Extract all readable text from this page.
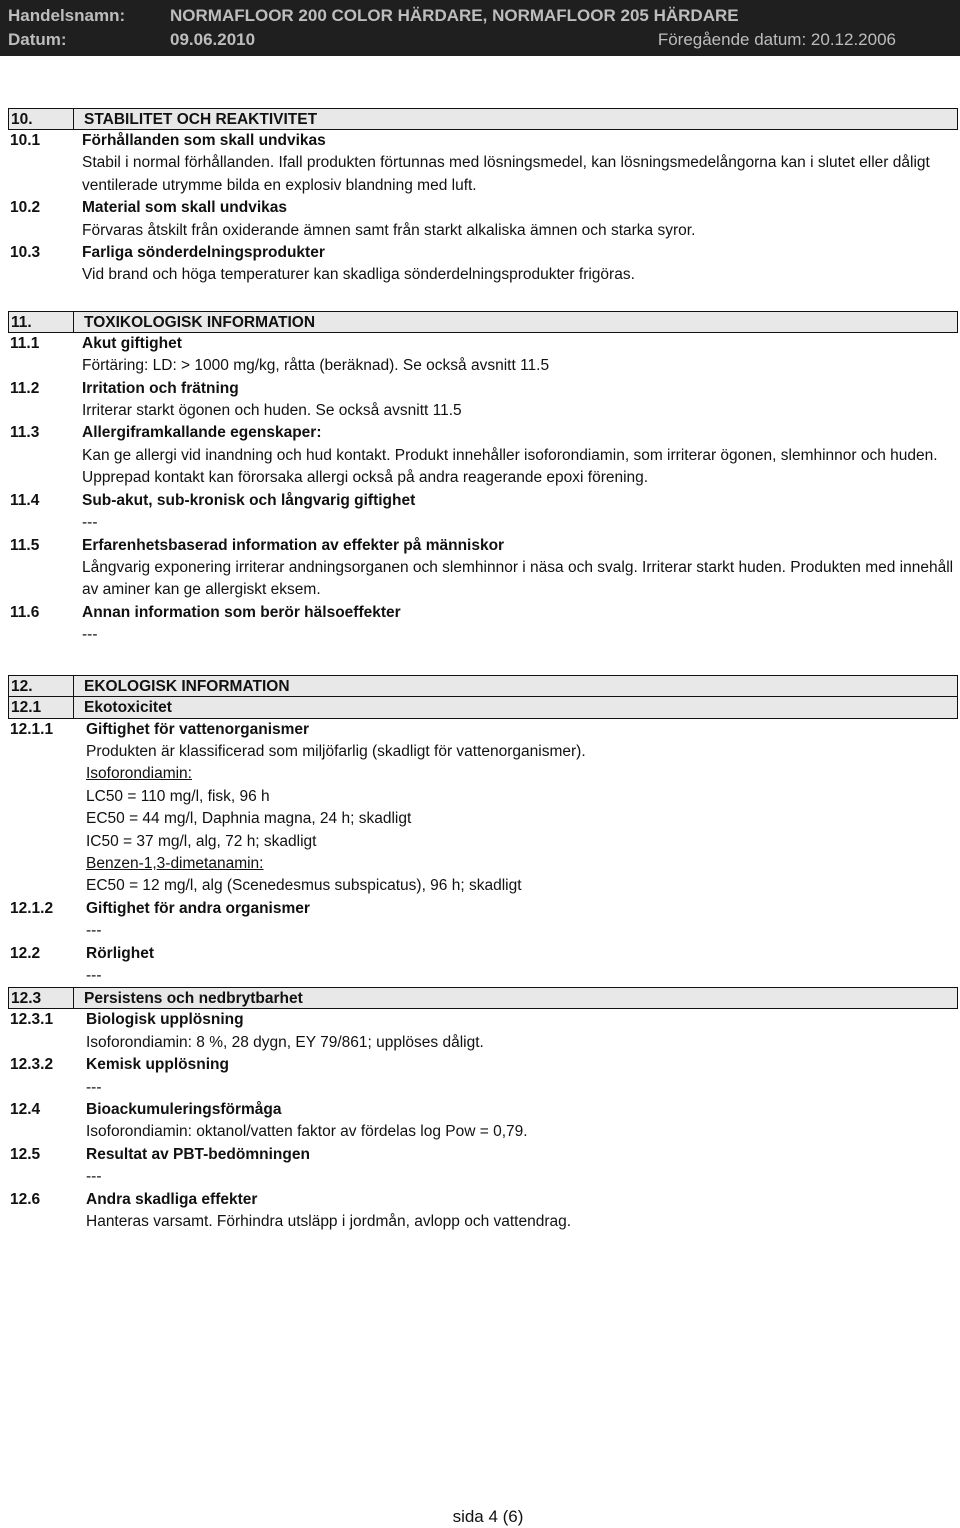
Handelsnamn:	NORMAFLOOR 200 COLOR HÄRDARE, NORMAFLOOR 205 HÄRDARE
Datum:	09.06.2010	Föregående datum: 20.12.2006
10.	STABILITET OCH REAKTIVITET
10.1	Förhållanden som skall undvikas
Stabil i normal förhållanden. Ifall produkten förtunnas med lösningsmedel, kan lösningsmedelångorna kan i slutet eller dåligt ventilerade utrymme bilda en explosiv blandning med luft.
10.2	Material som skall undvikas
Förvaras åtskilt från oxiderande ämnen samt från starkt alkaliska ämnen och starka syror.
10.3	Farliga sönderdelningsprodukter
Vid brand och höga temperaturer kan skadliga sönderdelningsprodukter frigöras.
11.	TOXIKOLOGISK INFORMATION
11.1	Akut giftighet
Förtäring: LD: > 1000 mg/kg, råtta (beräknad). Se också avsnitt 11.5
11.2	Irritation och frätning
Irriterar starkt ögonen och huden. Se också avsnitt 11.5
11.3	Allergiframkallande egenskaper:
Kan ge allergi vid inandning och hud kontakt. Produkt innehåller isoforondiamin, som irriterar ögonen, slemhinnor och huden. Upprepad kontakt kan förorsaka allergi också på andra reagerande epoxi förening.
11.4	Sub-akut, sub-kronisk och långvarig giftighet
---
11.5	Erfarenhetsbaserad information av effekter på människor
Långvarig exponering irriterar andningsorganen och slemhinnor i näsa och svalg. Irriterar starkt huden. Produkten med innehåll av aminer kan ge allergiskt eksem.
11.6	Annan information som berör hälsoeffekter
---
12.	EKOLOGISK INFORMATION
12.1	Ekotoxicitet
12.1.1	Giftighet för vattenorganismer
Produkten är klassificerad som miljöfarlig (skadligt för vattenorganismer).
Isoforondiamin:
LC50 = 110 mg/l, fisk, 96 h
EC50 = 44 mg/l, Daphnia magna, 24 h; skadligt
IC50 = 37 mg/l, alg, 72 h; skadligt
Benzen-1,3-dimetanamin:
EC50 = 12 mg/l, alg (Scenedesmus subspicatus), 96 h; skadligt
12.1.2	Giftighet för andra organismer
---
12.2	Rörlighet
---
12.3	Persistens och nedbrytbarhet
12.3.1	Biologisk upplösning
Isoforondiamin: 8 %, 28 dygn, EY 79/861; upplöses dåligt.
12.3.2	Kemisk upplösning
---
12.4	Bioackumuleringsförmåga
Isoforondiamin: oktanol/vatten faktor av fördelas log Pow = 0,79.
12.5	Resultat av PBT-bedömningen
---
12.6	Andra skadliga effekter
Hanteras varsamt. Förhindra utsläpp i jordmån, avlopp och vattendrag.
sida 4 (6)
